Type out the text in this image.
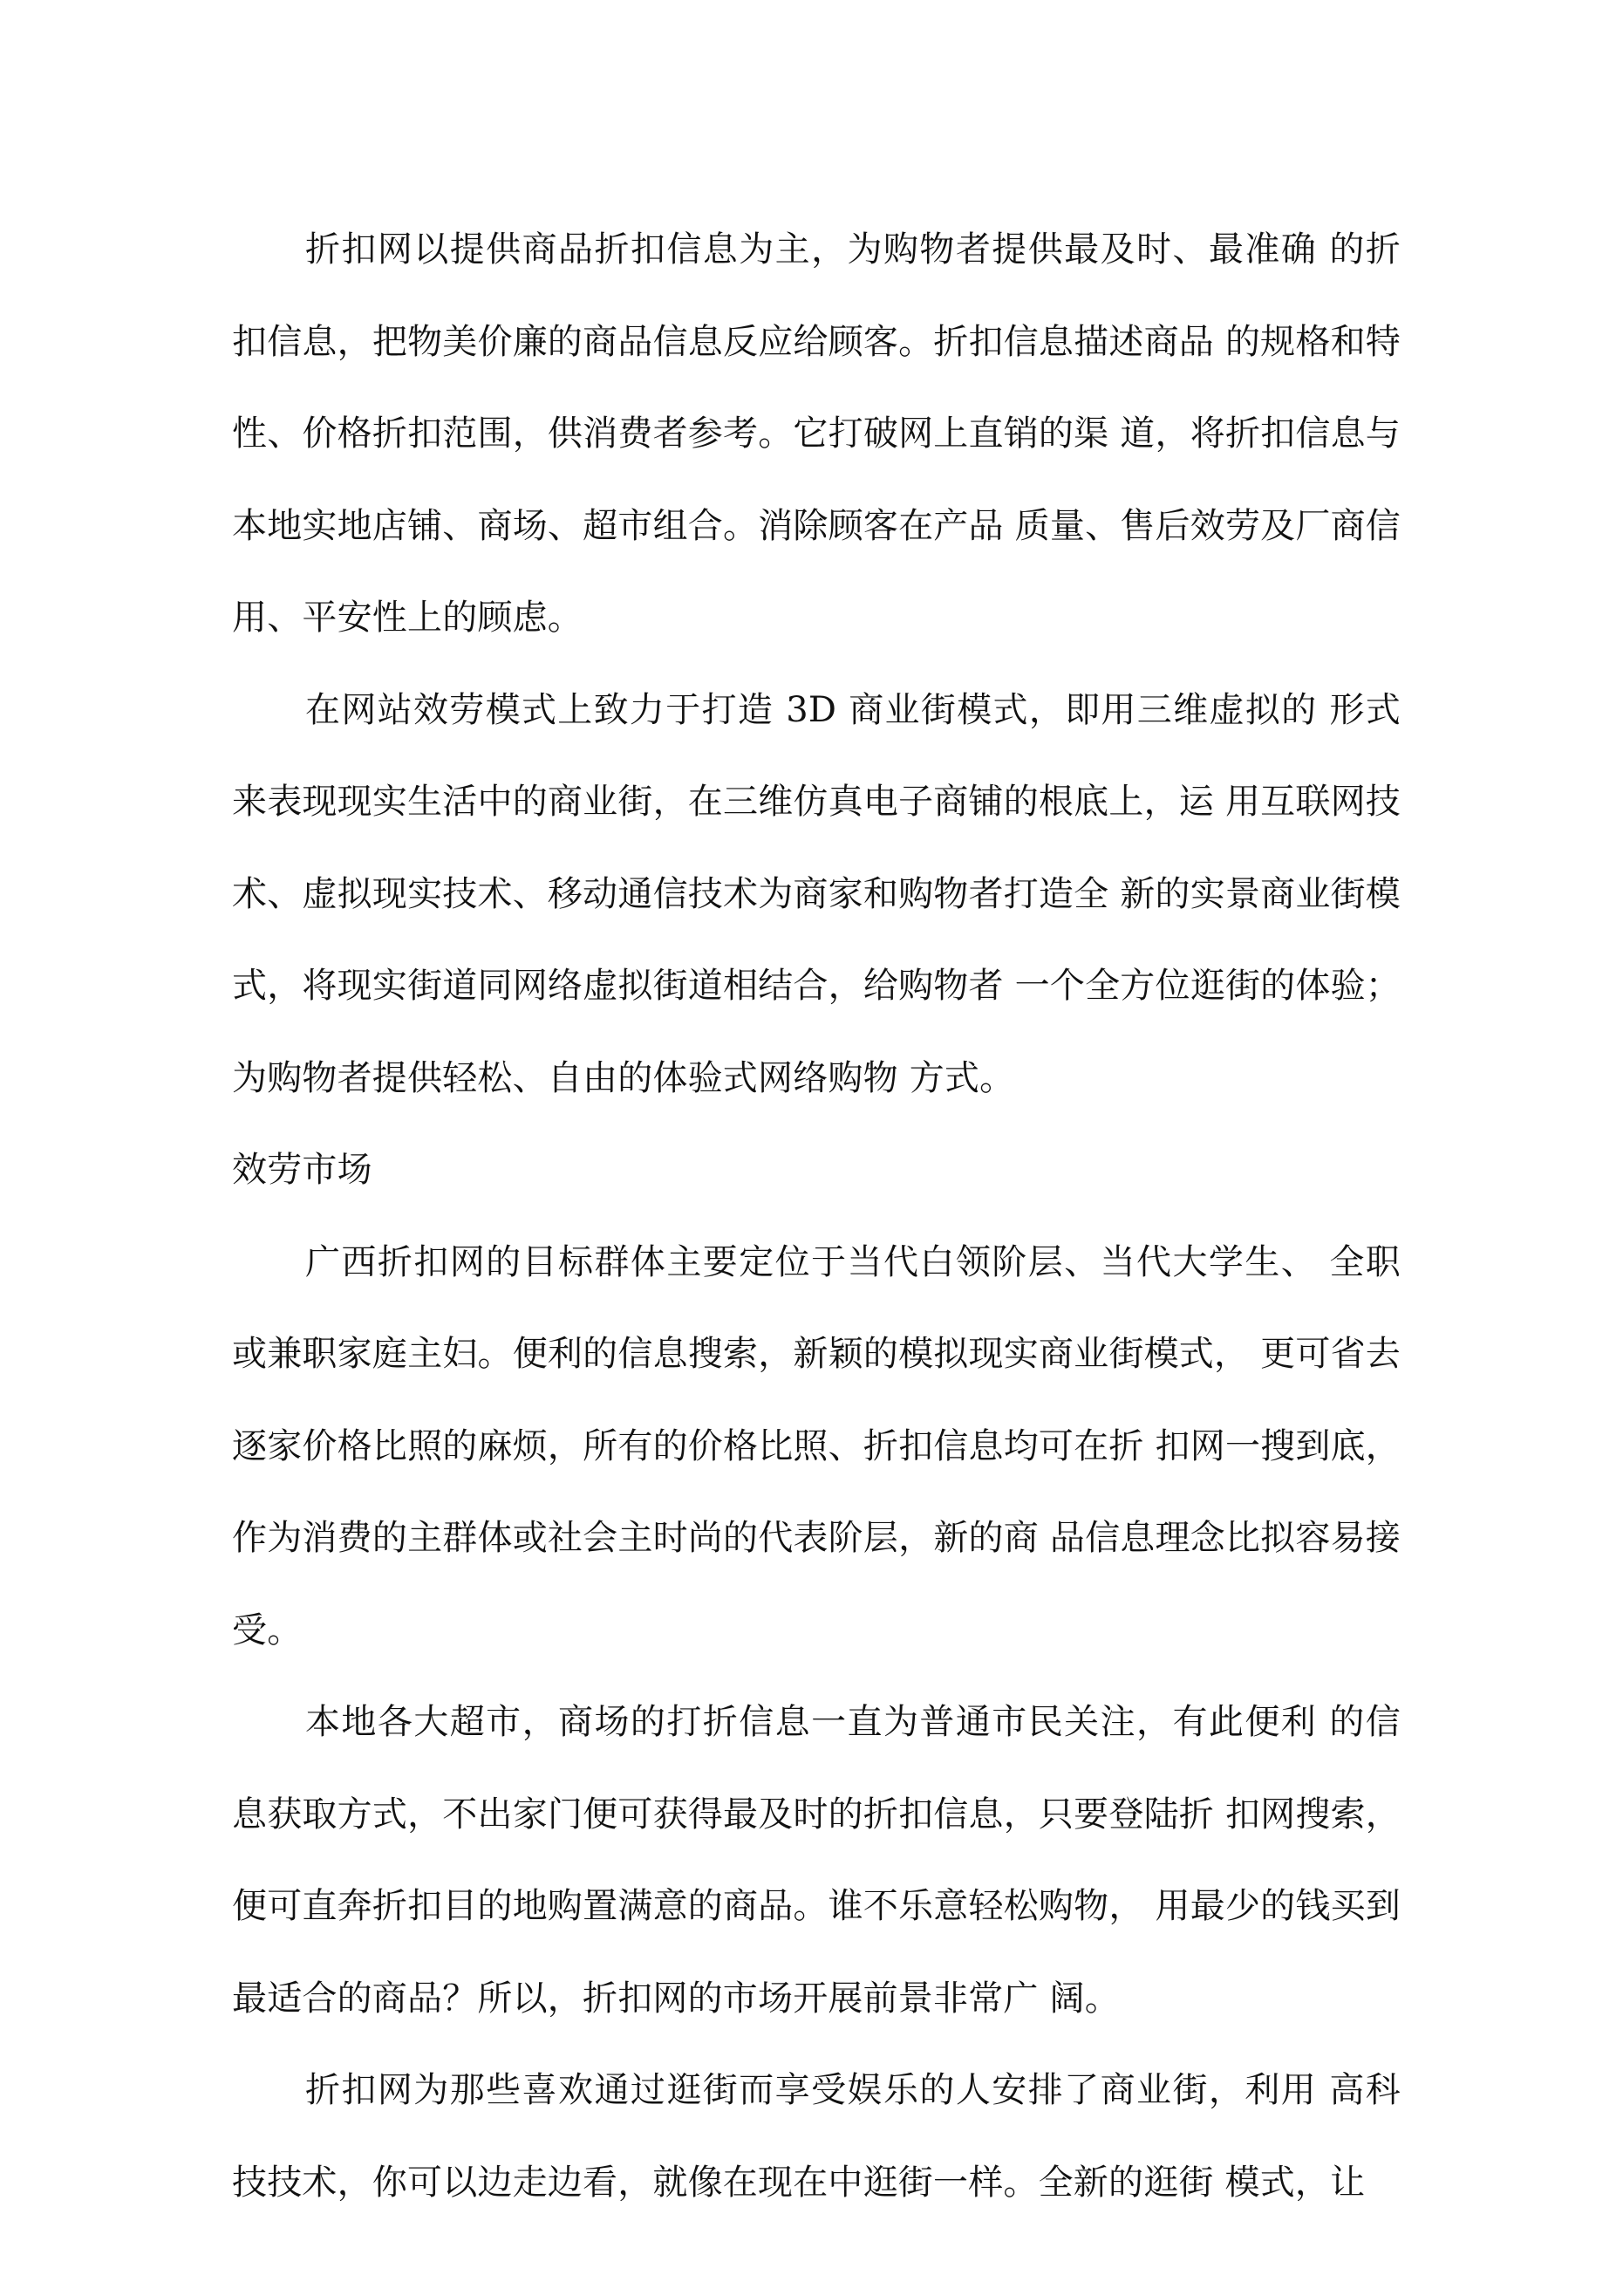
折扣网以提供商品折扣信息为主，为购物者提供最及时、最准确 的折扣信息，把物美价廉的商品信息反应给顾客。折扣信息描述商品 的规格和特性、价格折扣范围，供消费者参考。它打破网上直销的渠 道，将折扣信息与本地实地店铺、商场、超市组合。消除顾客在产品 质量、售后效劳及厂商信用、平安性上的顾虑。

在网站效劳模式上致力于打造 3D 商业街模式，即用三维虚拟的 形式来表现现实生活中的商业街，在三维仿真电子商铺的根底上，运 用互联网技术、虚拟现实技术、移动通信技术为商家和购物者打造全 新的实景商业街模式，将现实街道同网络虚拟街道相结合，给购物者 一个全方位逛街的体验；为购物者提供轻松、自由的体验式网络购物 方式。

效劳市场

广西折扣网的目标群体主要定位于当代白领阶层、当代大学生、 全职或兼职家庭主妇。便利的信息搜索，新颖的模拟现实商业街模式， 更可省去逐家价格比照的麻烦，所有的价格比照、折扣信息均可在折 扣网一搜到底，作为消费的主群体或社会主时尚的代表阶层，新的商 品信息理念比拟容易接受。

本地各大超市，商场的打折信息一直为普通市民关注，有此便利 的信息获取方式，不出家门便可获得最及时的折扣信息，只要登陆折 扣网搜索，便可直奔折扣目的地购置满意的商品。谁不乐意轻松购物， 用最少的钱买到最适合的商品？所以，折扣网的市场开展前景非常广 阔。

折扣网为那些喜欢通过逛街而享受娱乐的人安排了商业街，利用 高科技技术，你可以边走边看，就像在现在中逛街一样。全新的逛街 模式，让
